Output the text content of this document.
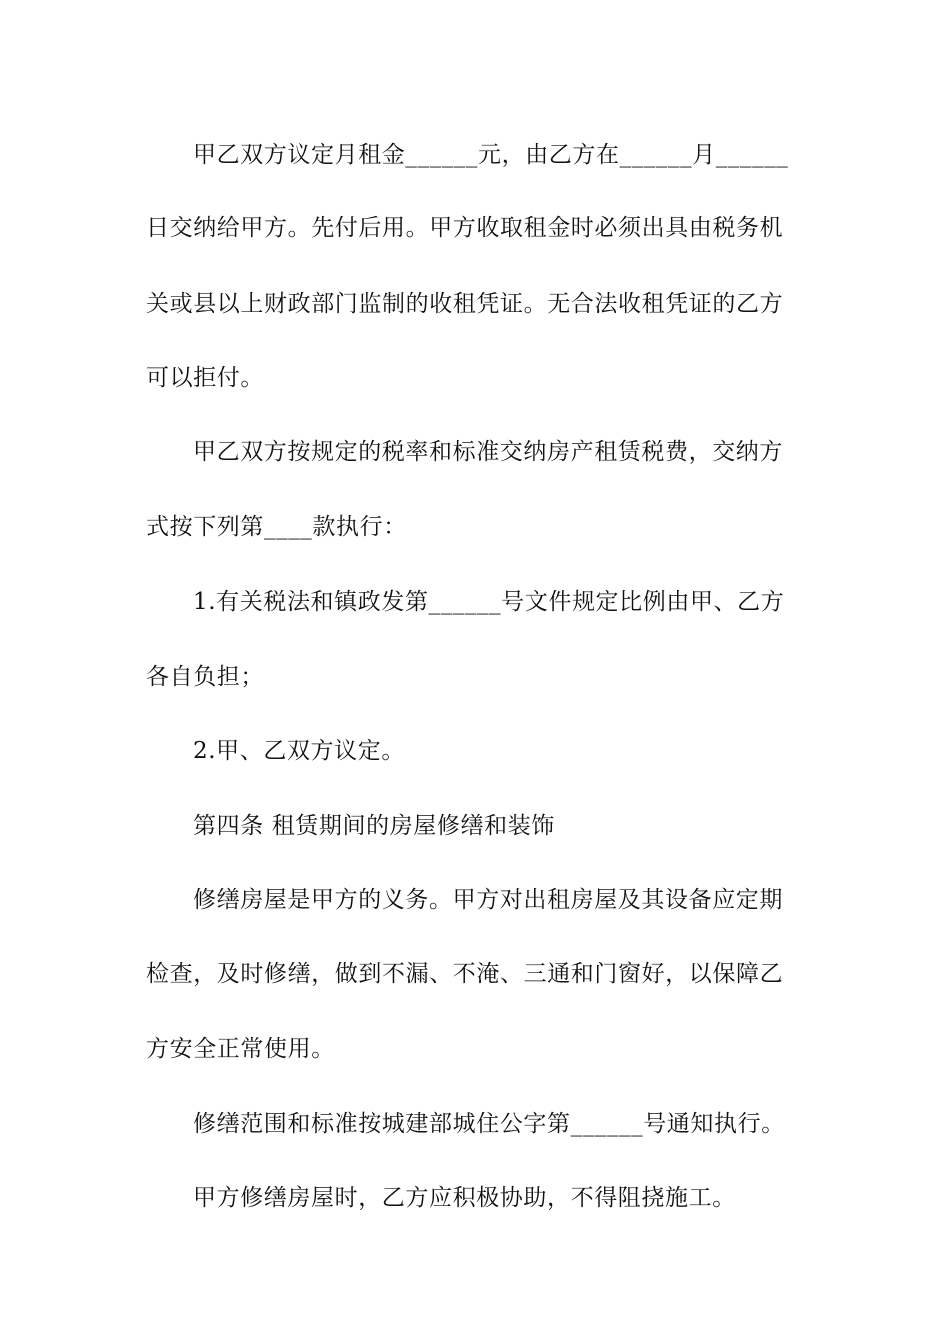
甲乙双方议定月租金______元，由乙方在______月______
日交纳给甲方。先付后用。甲方收取租金时必须出具由税务机
关或县以上财政部门监制的收租凭证。无合法收租凭证的乙方
可以拒付。
甲乙双方按规定的税率和标准交纳房产租赁税费，交纳方
式按下列第____款执行：
1.有关税法和镇政发第______号文件规定比例由甲、乙方
各自负担；
2.甲、乙双方议定。
第四条 租赁期间的房屋修缮和装饰
修缮房屋是甲方的义务。甲方对出租房屋及其设备应定期
检查，及时修缮，做到不漏、不淹、三通和门窗好，以保障乙
方安全正常使用。
修缮范围和标准按城建部城住公字第______号通知执行。
甲方修缮房屋时，乙方应积极协助，不得阻挠施工。
